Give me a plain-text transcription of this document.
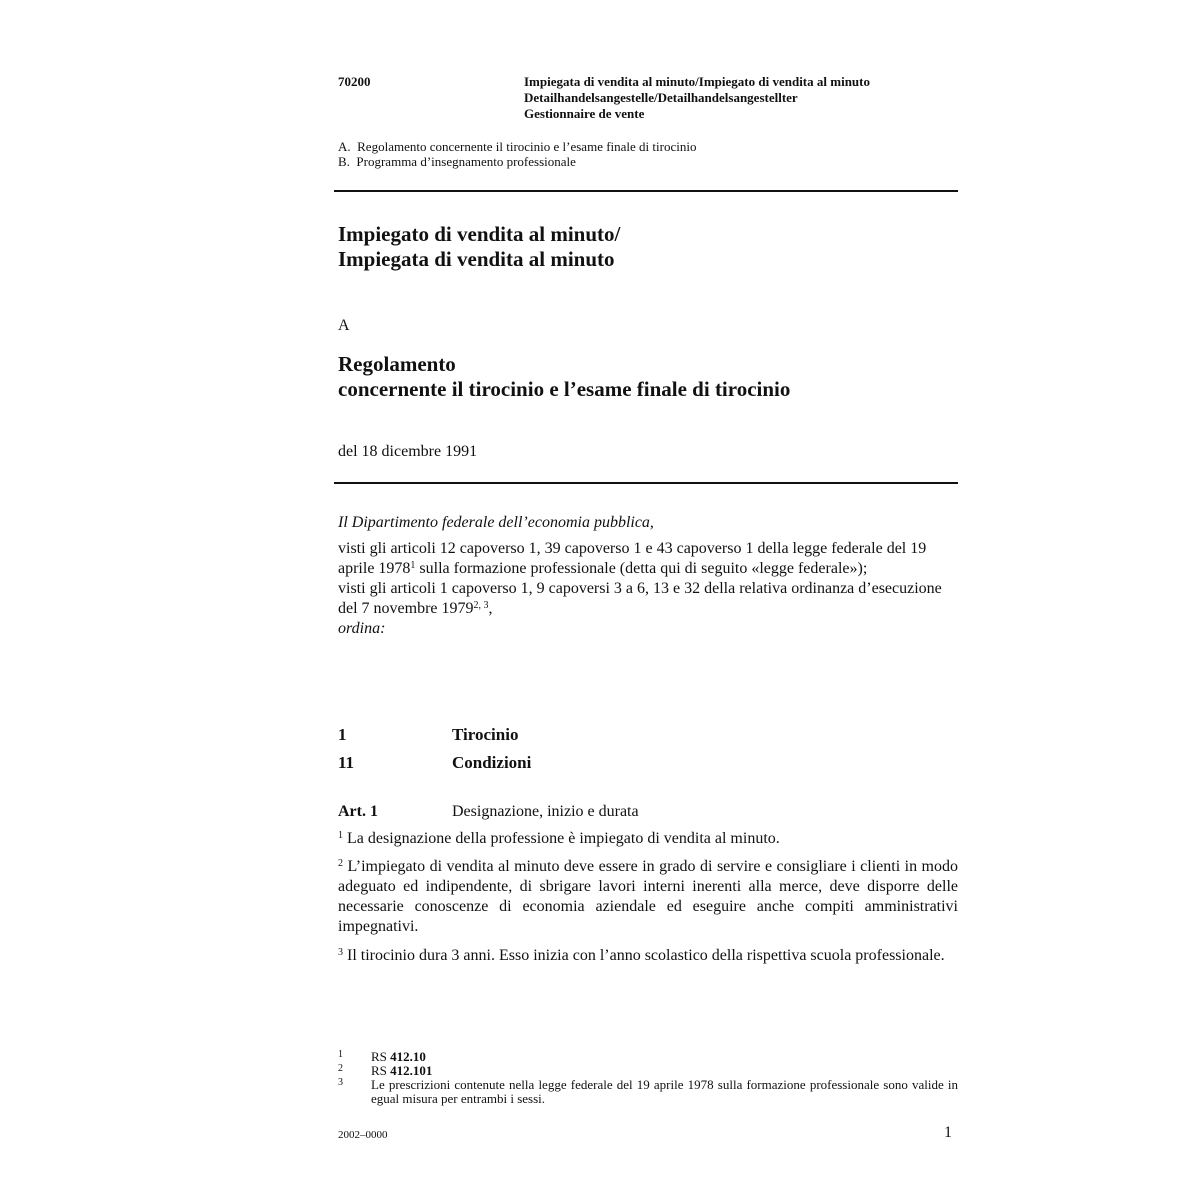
70200	Impiegata di vendita al minuto/Impiegato di vendita al minuto
Detailhandelsangestelle/Detailhandelsangestellter
Gestionnaire de vente
A.  Regolamento concernente il tirocinio e l’esame finale di tirocinio
B.  Programma d’insegnamento professionale
Impiegato di vendita al minuto/
Impiegata di vendita al minuto
A
Regolamento
concernente il tirocinio e l’esame finale di tirocinio
del 18 dicembre 1991
Il Dipartimento federale dell’economia pubblica,
visti gli articoli 12 capoverso 1, 39 capoverso 1 e 43 capoverso 1 della legge federale del 19 aprile 1978$^1$ sulla formazione professionale (detta qui di seguito «legge federale»);
visti gli articoli 1 capoverso 1, 9 capoversi 3 a 6, 13 e 32 della relativa ordinanza d’esecuzione del 7 novembre 1979$^{2, 3}$,
ordina:
1	Tirocinio
11	Condizioni
Art. 1	Designazione, inizio e durata
$^1$ La designazione della professione è impiegato di vendita al minuto.
$^2$ L’impiegato di vendita al minuto deve essere in grado di servire e consigliare i clienti in modo adeguato ed indipendente, di sbrigare lavori interni inerenti alla merce, deve disporre delle necessarie conoscenze di economia aziendale ed eseguire anche compiti amministrativi impegnativi.
$^3$ Il tirocinio dura 3 anni. Esso inizia con l’anno scolastico della rispettiva scuola professionale.
1 RS 412.10
2 RS 412.101
3 Le prescrizioni contenute nella legge federale del 19 aprile 1978 sulla formazione professionale sono valide in egual misura per entrambi i sessi.
2002–0000	1
